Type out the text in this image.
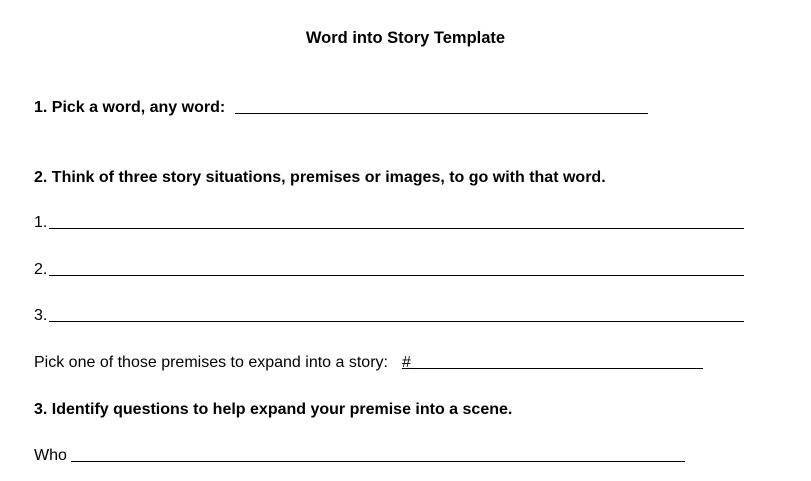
Word into Story Template
1. Pick a word, any word:
2. Think of three story situations, premises or images, to go with that word.
1.
2.
3.
Pick one of those premises to expand into a story: #
3. Identify questions to help expand your premise into a scene.
Who
